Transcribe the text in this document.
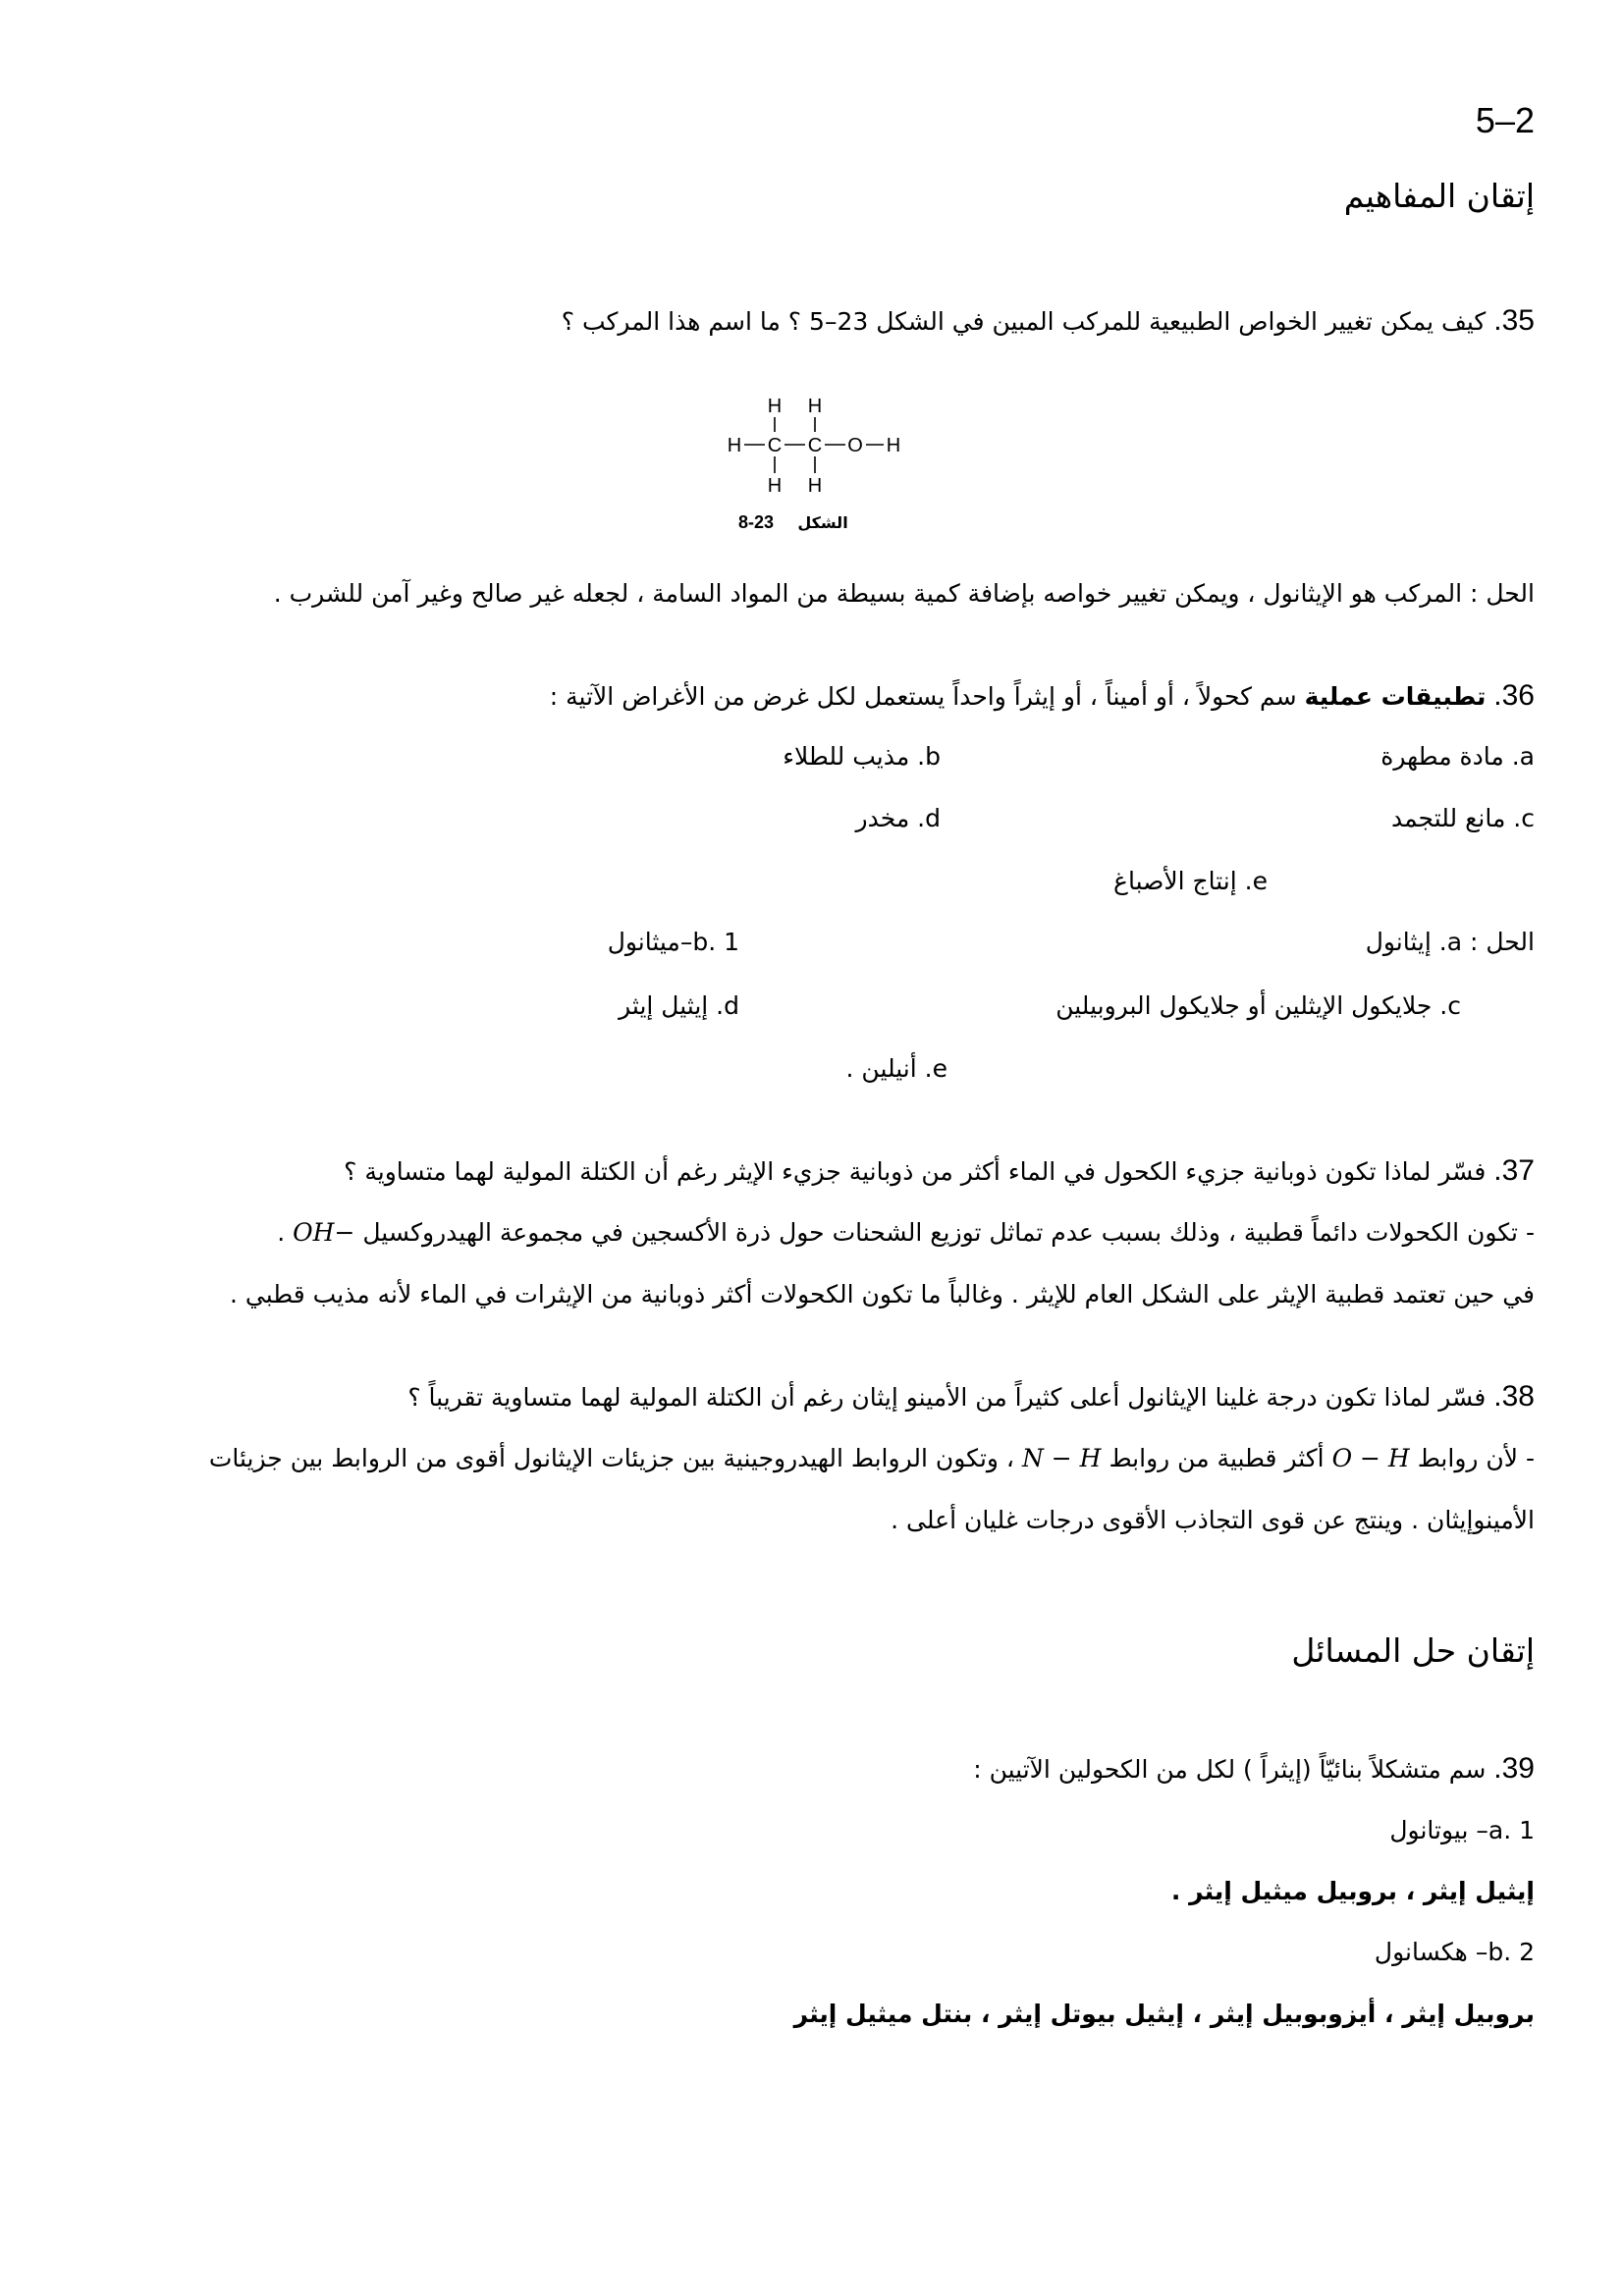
5–2
إتقان المفاهيم
35. كيف يمكن تغيير الخواص الطبيعية للمركب المبين في الشكل 23–5 ؟ ما اسم هذا المركب ؟
H H
H C C O H
H H
8-23 الشكل
الحل : المركب هو الإيثانول ، ويمكن تغيير خواصه بإضافة كمية بسيطة من المواد السامة ، لجعله غير صالح وغير آمن للشرب .
36. تطبيقات عملية سم كحولاً ، أو أميناً ، أو إيثراً واحداً يستعمل لكل غرض من الأغراض الآتية :
a. مادة مطهرة
b. مذيب للطلاء
c. مانع للتجمد
d. مخدر
e. إنتاج الأصباغ
الحل : a. إيثانول
b. 1–ميثانول
c. جلايكول الإيثلين أو جلايكول البروبيلين
d. إيثيل إيثر
e. أنيلين .
37. فسّر لماذا تكون ذوبانية جزيء الكحول في الماء أكثر من ذوبانية جزيء الإيثر رغم أن الكتلة المولية لهما متساوية ؟
- تكون الكحولات دائماً قطبية ، وذلك بسبب عدم تماثل توزيع الشحنات حول ذرة الأكسجين في مجموعة الهيدروكسيل OH− .
في حين تعتمد قطبية الإيثر على الشكل العام للإيثر . وغالباً ما تكون الكحولات أكثر ذوبانية من الإيثرات في الماء لأنه مذيب قطبي .
38. فسّر لماذا تكون درجة غلينا الإيثانول أعلى كثيراً من الأمينو إيثان رغم أن الكتلة المولية لهما متساوية تقريباً ؟
- لأن روابط O − H أكثر قطبية من روابط N − H ، وتكون الروابط الهيدروجينية بين جزيئات الإيثانول أقوى من الروابط بين جزيئات
الأمينوإيثان . وينتج عن قوى التجاذب الأقوى درجات غليان أعلى .
إتقان حل المسائل
39. سم متشكلاً بنائيّاً (إيثراً ) لكل من الكحولين الآتيين :
a. 1– بيوتانول
إيثيل إيثر ، بروبيل ميثيل إيثر .
b. 2– هكسانول
بروبيل إيثر ، أيزوبوبيل إيثر ، إيثيل بيوتل إيثر ، بنتل ميثيل إيثر
